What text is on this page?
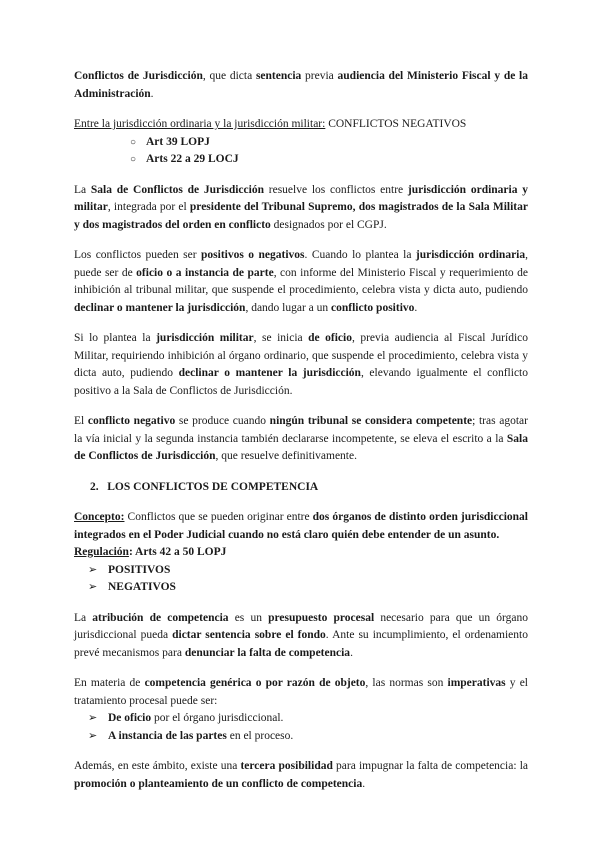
Conflictos de Jurisdicción, que dicta sentencia previa audiencia del Ministerio Fiscal y de la Administración.

Entre la jurisdicción ordinaria y la jurisdicción militar: CONFLICTOS NEGATIVOS

○ Art 39 LOPJ
○ Arts 22 a 29 LOCJ

La Sala de Conflictos de Jurisdicción resuelve los conflictos entre jurisdicción ordinaria y militar, integrada por el presidente del Tribunal Supremo, dos magistrados de la Sala Militar y dos magistrados del orden en conflicto designados por el CGPJ.

Los conflictos pueden ser positivos o negativos. Cuando lo plantea la jurisdicción ordinaria, puede ser de oficio o a instancia de parte, con informe del Ministerio Fiscal y requerimiento de inhibición al tribunal militar, que suspende el procedimiento, celebra vista y dicta auto, pudiendo declinar o mantener la jurisdicción, dando lugar a un conflicto positivo.

Si lo plantea la jurisdicción militar, se inicia de oficio, previa audiencia al Fiscal Jurídico Militar, requiriendo inhibición al órgano ordinario, que suspende el procedimiento, celebra vista y dicta auto, pudiendo declinar o mantener la jurisdicción, elevando igualmente el conflicto positivo a la Sala de Conflictos de Jurisdicción.

El conflicto negativo se produce cuando ningún tribunal se considera competente; tras agotar la vía inicial y la segunda instancia también declararse incompetente, se eleva el escrito a la Sala de Conflictos de Jurisdicción, que resuelve definitivamente.

2. LOS CONFLICTOS DE COMPETENCIA

Concepto: Conflictos que se pueden originar entre dos órganos de distinto orden jurisdiccional integrados en el Poder Judicial cuando no está claro quién debe entender de un asunto.

Regulación: Arts 42 a 50 LOPJ

➢ POSITIVOS
➢ NEGATIVOS

La atribución de competencia es un presupuesto procesal necesario para que un órgano jurisdiccional pueda dictar sentencia sobre el fondo. Ante su incumplimiento, el ordenamiento prevé mecanismos para denunciar la falta de competencia.

En materia de competencia genérica o por razón de objeto, las normas son imperativas y el tratamiento procesal puede ser:

➢ De oficio por el órgano jurisdiccional.
➢ A instancia de las partes en el proceso.

Además, en este ámbito, existe una tercera posibilidad para impugnar la falta de competencia: la promoción o planteamiento de un conflicto de competencia.
